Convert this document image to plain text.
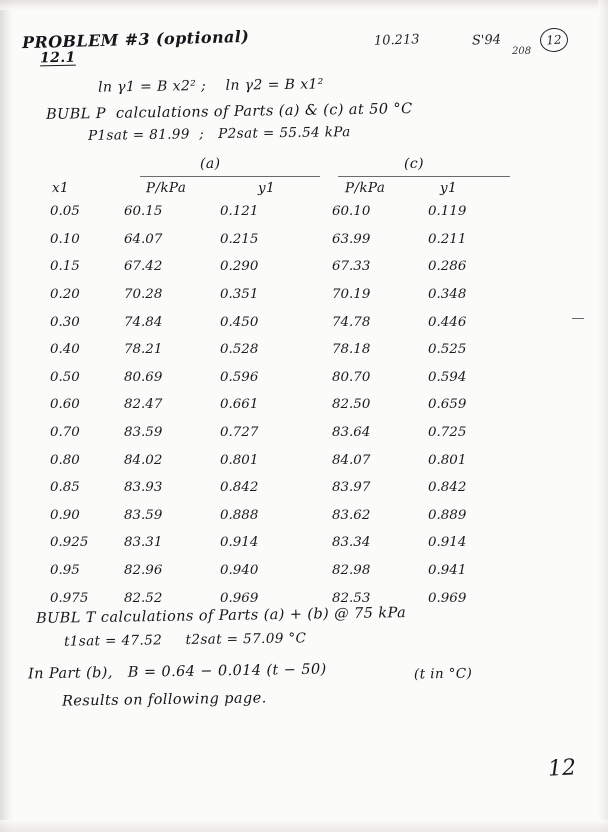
PROBLEM #3 (optional)
12.1
10.213	S'94
208
12
ln γ1 = B x2² ;    ln γ2 = B x1²
BUBL P  calculations of Parts (a) & (c) at 50 °C
P1sat = 81.99  ;   P2sat = 55.54 kPa
(a)	(c)
x1	P/kPa	y1	P/kPa	y1
0.05	60.15	0.121	60.10	0.119
0.10	64.07	0.215	63.99	0.211
0.15	67.42	0.290	67.33	0.286
0.20	70.28	0.351	70.19	0.348
0.30	74.84	0.450	74.78	0.446
0.40	78.21	0.528	78.18	0.525
0.50	80.69	0.596	80.70	0.594
0.60	82.47	0.661	82.50	0.659
0.70	83.59	0.727	83.64	0.725
0.80	84.02	0.801	84.07	0.801
0.85	83.93	0.842	83.97	0.842
0.90	83.59	0.888	83.62	0.889
0.925	83.31	0.914	83.34	0.914
0.95	82.96	0.940	82.98	0.941
0.975	82.52	0.969	82.53	0.969
BUBL T calculations of Parts (a) + (b) @ 75 kPa
t1sat = 47.52     t2sat = 57.09 °C
In Part (b),   B = 0.64 − 0.014 (t − 50)	(t in °C)
Results on following page.
12
